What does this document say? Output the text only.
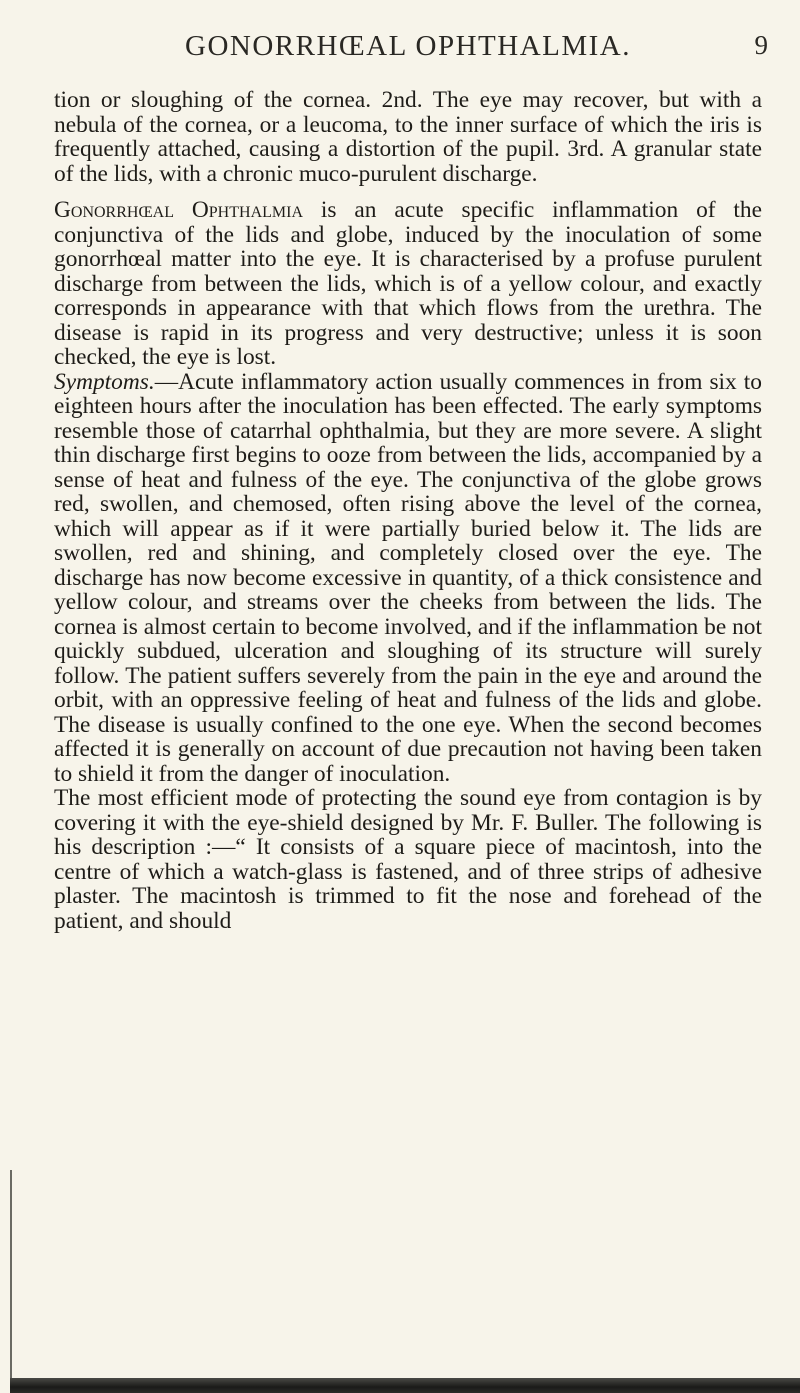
GONORRHŒAL OPHTHALMIA.	9

tion or sloughing of the cornea. 2nd. The eye may recover, but with a nebula of the cornea, or a leucoma, to the inner surface of which the iris is frequently attached, causing a distortion of the pupil. 3rd. A granular state of the lids, with a chronic muco-purulent discharge.

Gonorrhœal Ophthalmia is an acute specific inflammation of the conjunctiva of the lids and globe, induced by the inoculation of some gonorrhœal matter into the eye. It is characterised by a profuse purulent discharge from between the lids, which is of a yellow colour, and exactly corresponds in appearance with that which flows from the urethra. The disease is rapid in its progress and very destructive; unless it is soon checked, the eye is lost.

Symptoms.—Acute inflammatory action usually commences in from six to eighteen hours after the inoculation has been effected. The early symptoms resemble those of catarrhal ophthalmia, but they are more severe. A slight thin discharge first begins to ooze from between the lids, accompanied by a sense of heat and fulness of the eye. The conjunctiva of the globe grows red, swollen, and chemosed, often rising above the level of the cornea, which will appear as if it were partially buried below it. The lids are swollen, red and shining, and completely closed over the eye. The discharge has now become excessive in quantity, of a thick consistence and yellow colour, and streams over the cheeks from between the lids. The cornea is almost certain to become involved, and if the inflammation be not quickly subdued, ulceration and sloughing of its structure will surely follow. The patient suffers severely from the pain in the eye and around the orbit, with an oppressive feeling of heat and fulness of the lids and globe. The disease is usually confined to the one eye. When the second becomes affected it is generally on account of due precaution not having been taken to shield it from the danger of inoculation.

The most efficient mode of protecting the sound eye from contagion is by covering it with the eye-shield designed by Mr. F. Buller. The following is his description :—“ It consists of a square piece of macintosh, into the centre of which a watch-glass is fastened, and of three strips of adhesive plaster. The macintosh is trimmed to fit the nose and forehead of the patient, and should
